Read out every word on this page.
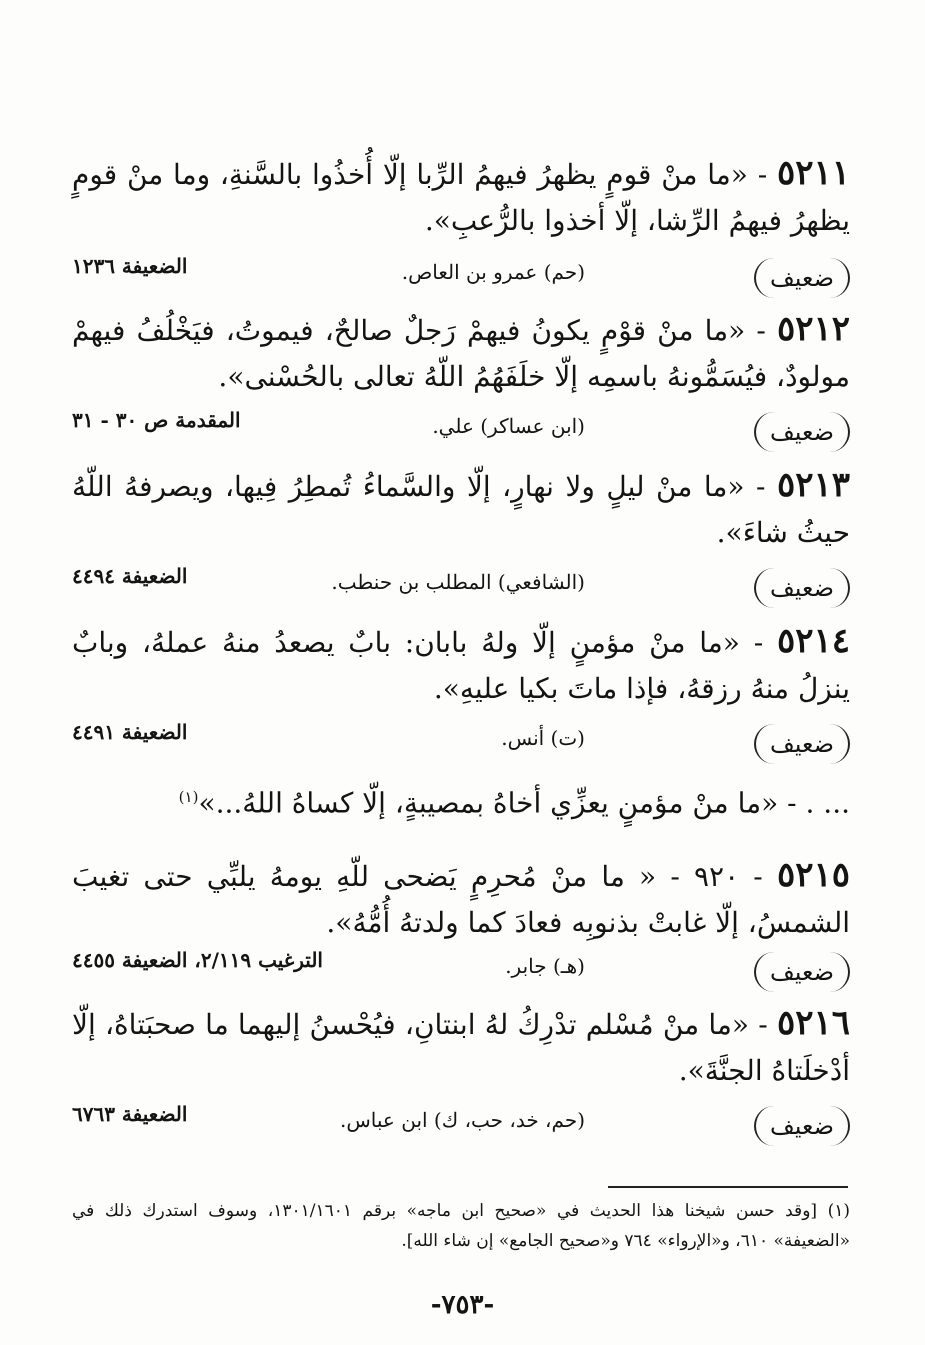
٥٢١١ - «ما منْ قومٍ يظهرُ فيهمُ الرِّبا إلّا أُخذُوا بالسَّنةِ، وما منْ قومٍ يظهرُ فيهمُ الرِّشا، إلّا أخذوا بالرُّعبِ».

ضعيف
(حم) عمرو بن العاص.
الضعيفة ١٢٣٦

٥٢١٢ - «ما منْ قوْمٍ يكونُ فيهمْ رَجلٌ صالحٌ، فيموتُ، فيَخْلُفُ فيهمْ مولودٌ، فيُسَمُّونهُ باسمِه إلّا خلَفَهُمُ اللّهُ تعالى بالحُسْنى».

ضعيف
(ابن عساكر) علي.
المقدمة ص ٣٠ - ٣١

٥٢١٣ - «ما منْ ليلٍ ولا نهارٍ، إلّا والسَّماءُ تُمطِرُ فِيها، ويصرفهُ اللّهُ حيثُ شاءَ».

ضعيف
(الشافعي) المطلب بن حنطب.
الضعيفة ٤٤٩٤

٥٢١٤ - «ما منْ مؤمنٍ إلّا ولهُ بابان: بابٌ يصعدُ منهُ عملهُ، وبابٌ ينزلُ منهُ رزقهُ، فإذا ماتَ بكيا عليهِ».

ضعيف
(ت) أنس.
الضعيفة ٤٤٩١

... . - «ما منْ مؤمنٍ يعزِّي أخاهُ بمصيبةٍ، إلّا كساهُ اللهُ...»$^{(١)}$

٥٢١٥ - ٩٢٠ - « ما منْ مُحرِمٍ يَضحى للّهِ يومهُ يلبِّي حتى تغيبَ الشمسُ، إلّا غابتْ بذنوبِه فعادَ كما ولدتهُ أُمُّهُ».

ضعيف
(هـ) جابر.
الترغيب ٢/١١٩، الضعيفة ٤٤٥٥

٥٢١٦ - «ما منْ مُسْلم تدْرِكُ لهُ ابنتانِ، فيُحْسنُ إليهما ما صحبَتاهُ، إلّا أدْخلَتاهُ الجنَّةَ».

ضعيف
(حم، خد، حب، ك) ابن عباس.
الضعيفة ٦٧٦٣
(١) [وقد حسن شيخنا هذا الحديث في «صحيح ابن ماجه» برقم ١٣٠١/١٦٠١، وسوف استدرك ذلك في «الضعيفة» ٦١٠، و«الإرواء» ٧٦٤ و«صحيح الجامع» إن شاء الله].
-٧٥٣-
